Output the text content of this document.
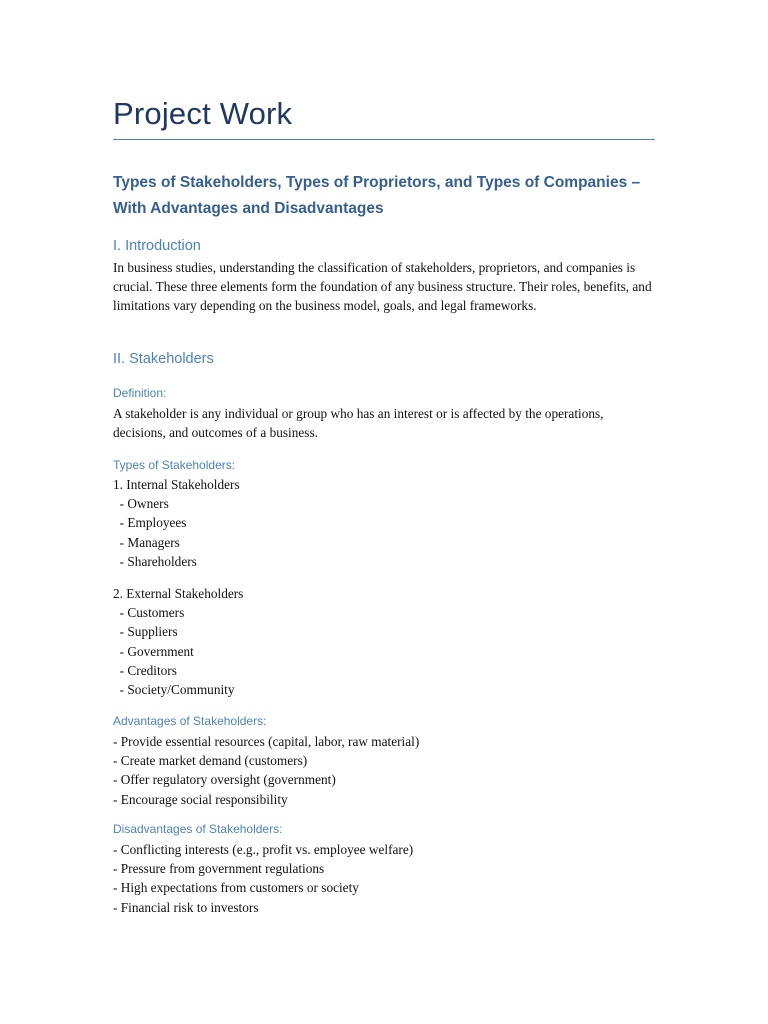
Project Work
Types of Stakeholders, Types of Proprietors, and Types of Companies – With Advantages and Disadvantages
I. Introduction

In business studies, understanding the classification of stakeholders, proprietors, and companies is crucial. These three elements form the foundation of any business structure. Their roles, benefits, and limitations vary depending on the business model, goals, and legal frameworks.

II. Stakeholders
Definition:

A stakeholder is any individual or group who has an interest or is affected by the operations, decisions, and outcomes of a business.

Types of Stakeholders:
1. Internal Stakeholders
- Owners
- Employees
- Managers
- Shareholders
2. External Stakeholders
- Customers
- Suppliers
- Government
- Creditors
- Society/Community
Advantages of Stakeholders:
- Provide essential resources (capital, labor, raw material)
- Create market demand (customers)
- Offer regulatory oversight (government)
- Encourage social responsibility
Disadvantages of Stakeholders:
- Conflicting interests (e.g., profit vs. employee welfare)
- Pressure from government regulations
- High expectations from customers or society
- Financial risk to investors
